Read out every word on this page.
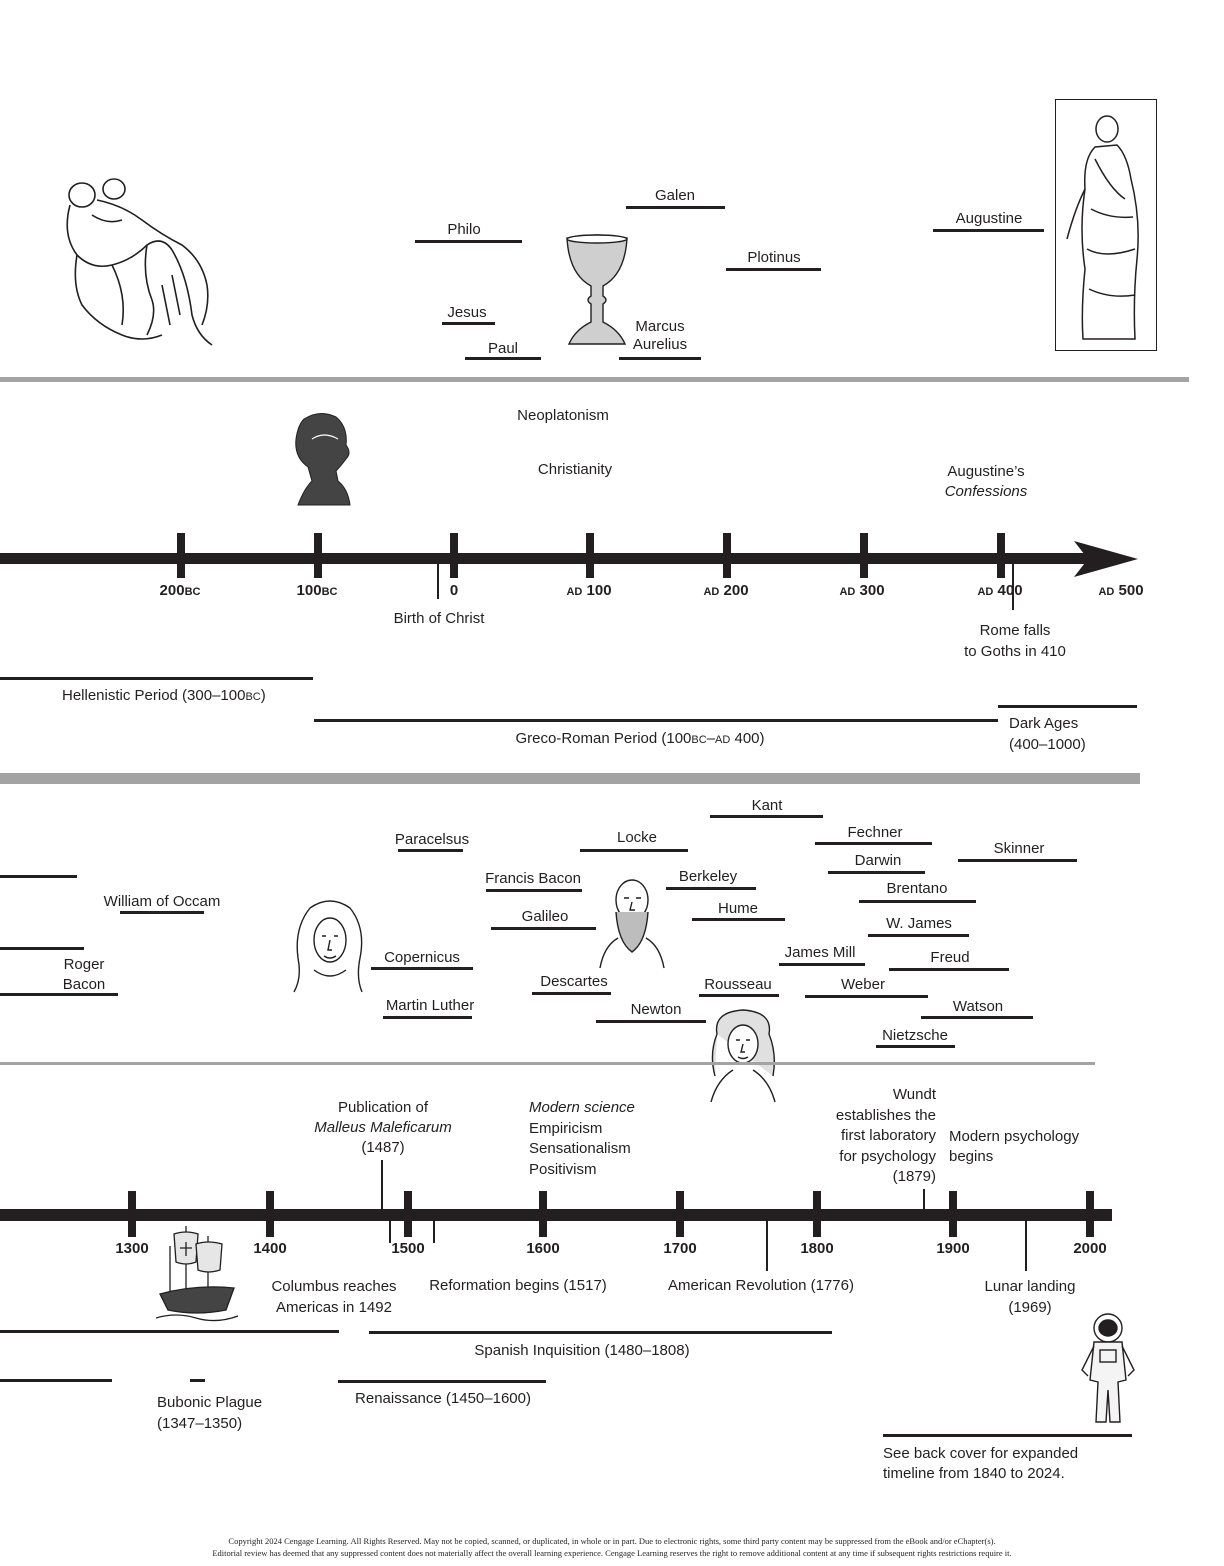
Philo
Galen
Plotinus
Augustine
Jesus
Paul
Marcus
Aurelius
Neoplatonism
Christianity	Augustine’s
Confessions
200BC	100BC	0	AD 100	AD 200	AD 300	AD 400	AD 500
Birth of Christ
Rome falls
to Goths in 410
Hellenistic Period (300–100BC)
Greco-Roman Period (100BC–AD 400)
Dark Ages
(400–1000)
Kant
Fechner
Paracelsus	Locke
Darwin
Skinner
Francis Bacon	Berkeley
Brentano
William of Occam
Galileo	Hume
W. James
James Mill
Copernicus	Freud
Roger
Bacon	Descartes	Rousseau	Weber
Martin Luther	Newton	Watson
Nietzsche
Publication of
Malleus Maleficarum
(1487)
Modern science
Empiricism
Sensationalism
Positivism
Wundt
establishes the
first laboratory
for psychology
(1879)
Modern psychology
begins
1300	1400	1500	1600	1700	1800	1900	2000
Columbus reaches
Americas in 1492
Reformation begins (1517)	American Revolution (1776)	Lunar landing
(1969)
Spanish Inquisition (1480–1808)
Bubonic Plague
(1347–1350)
Renaissance (1450–1600)
See back cover for expanded
timeline from 1840 to 2024.
Copyright 2024 Cengage Learning. All Rights Reserved. May not be copied, scanned, or duplicated, in whole or in part. Due to electronic rights, some third party content may be suppressed from the eBook and/or eChapter(s).
Editorial review has deemed that any suppressed content does not materially affect the overall learning experience. Cengage Learning reserves the right to remove additional content at any time if subsequent rights restrictions require it.
